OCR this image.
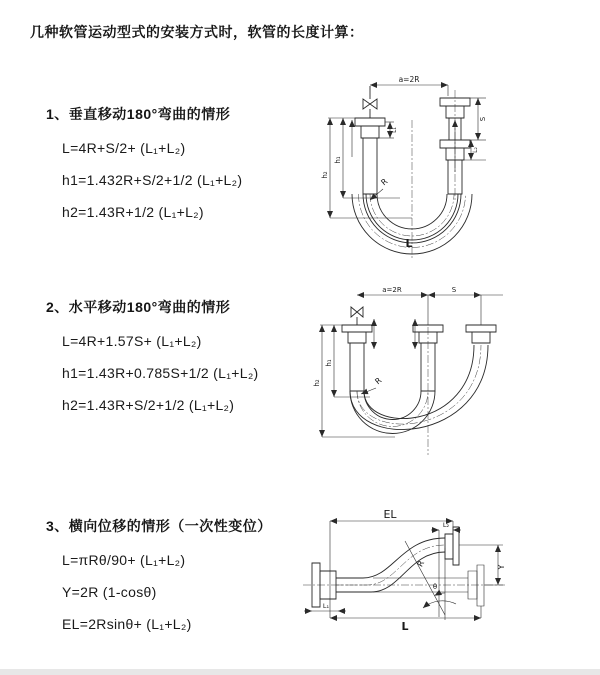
几种软管运动型式的安装方式时，软管的长度计算：
1、垂直移动180°弯曲的情形
L=4R+S/2+ (L₁+L₂)
h1=1.432R+S/2+1/2 (L₁+L₂)
h2=1.43R+1/2 (L₁+L₂)
2、水平移动180°弯曲的情形
L=4R+1.57S+ (L₁+L₂)
h1=1.43R+0.785S+1/2 (L₁+L₂)
h2=1.43R+S/2+1/2 (L₁+L₂)
3、横向位移的情形（一次性变位）
L=πRθ/90+ (L₁+L₂)
Y=2R (1-cosθ)
EL=2Rsinθ+ (L₁+L₂)
a=2R
h₁
h₂
L₁
S
L₂
R
L
a=2R	S
h₁
h₂	R
EL
L₂
Y
R
θ
L₁
L
